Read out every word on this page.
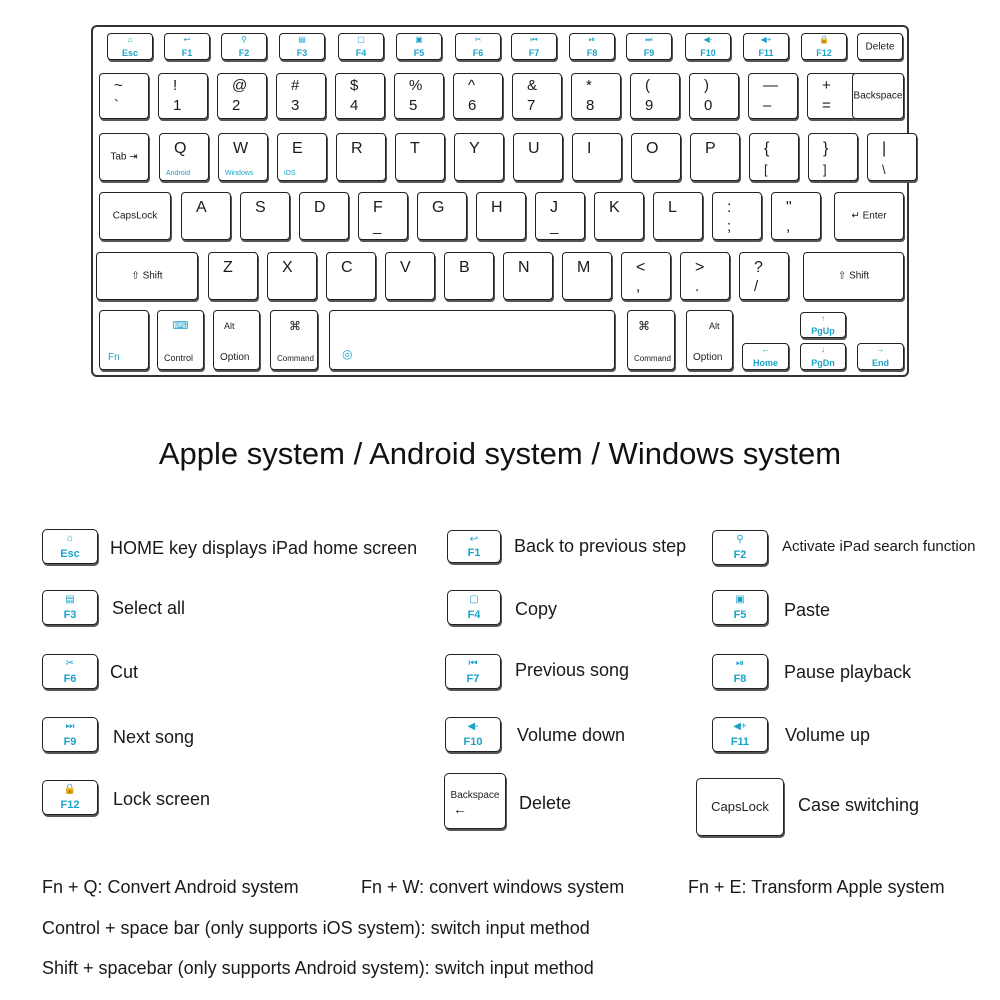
⌂
Esc
↩
F1
⚲
F2
▤
F3
▢
F4
▣
F5
✂
F6
⏮
F7
⏯
F8
⏭
F9
◀-
F10
◀+
F11
🔒
F12
Delete
~
`
!
1
@
2
#
3
$
4
%
5
^
6
&
7
*
8
(
9
)
0
—
–
+
=
Backspace
Tab ⇥	Q
Android
W
Windows
E
iOS
R	T	Y	U	I	O	P	{
[
}
]
|
\
CapsLock	A	S	D	F
_
G	H	J
_
K	L	:
;
"
,
↵ Enter
⇧ Shift	Z	X	C	V	B	N	M	<
,
>
.
?
/
⇧ Shift
Fn
⌨
Control
Alt
Option
⌘
Command ◎
⌘
Command
Alt
Option
←
Home
↑
PgUp
↓
PgDn
→
End
Apple system / Android system / Windows system
⌂
Esc	HOME key displays iPad home screen	↩
F1	Back to previous step	⚲
F2	Activate iPad search function
▤
F3	Select all	▢
F4	Copy	▣
F5	Paste
✂
F6	Cut	⏮
F7	Previous song	⏯
F8	Pause playback
⏭
F9	Next song
◀-
F10	Volume down	◀+
F11	Volume up
🔒
F12	Lock screen	Backspace
←	Delete	CapsLock	Case switching
Fn + Q: Convert Android system	Fn + W: convert windows system	Fn + E: Transform Apple system
Control + space bar (only supports iOS system): switch input method
Shift + spacebar (only supports Android system): switch input method
